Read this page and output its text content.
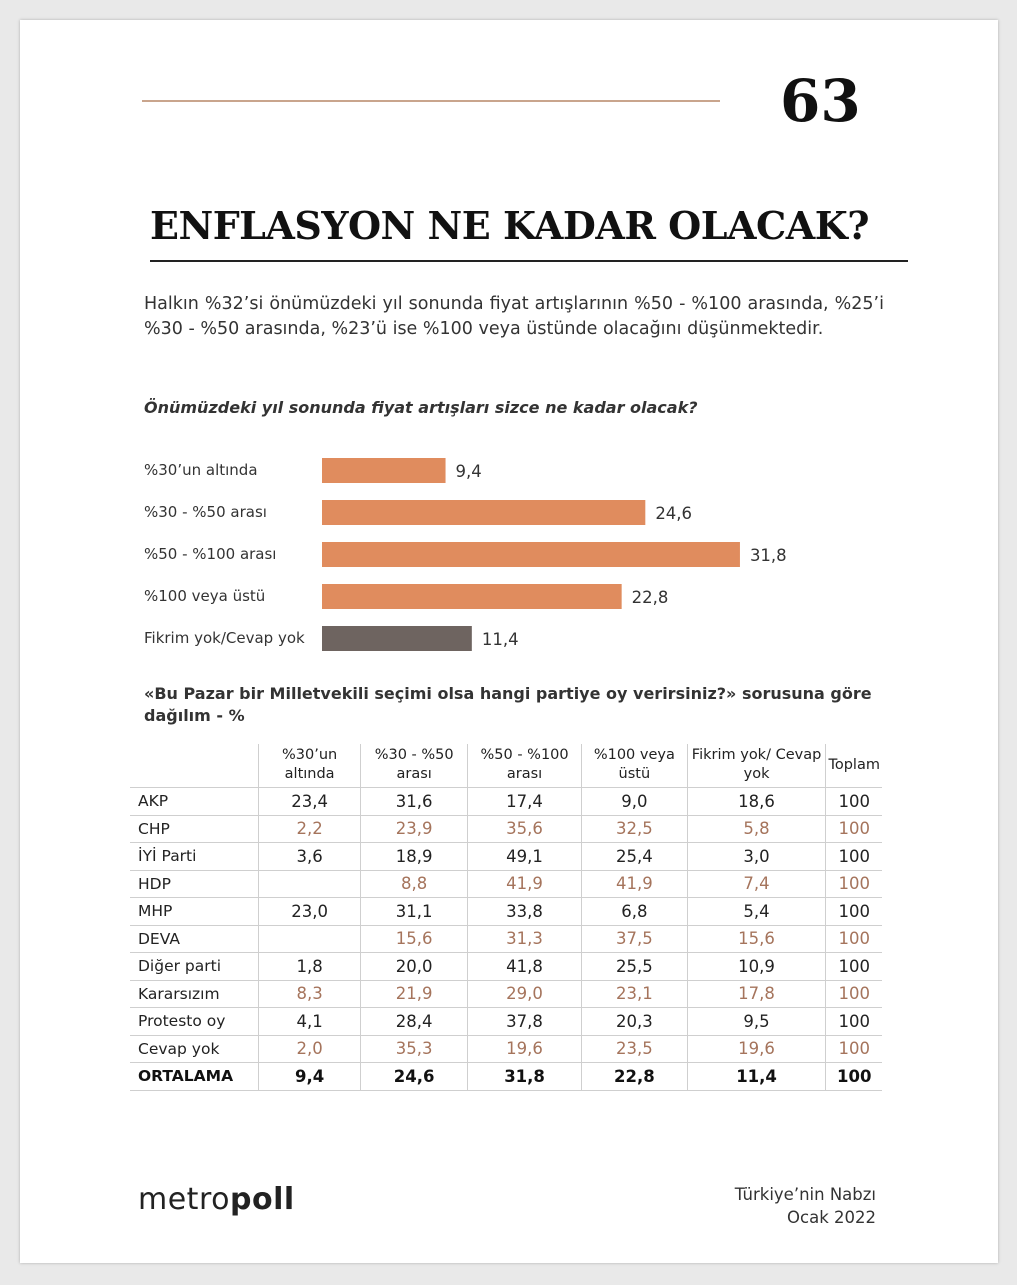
63
ENFLASYON NE KADAR OLACAK?
Halkın %32’si önümüzdeki yıl sonunda fiyat artışlarının %50 - %100 arasında, %25’i %30 - %50 arasında, %23’ü ise %100 veya üstünde olacağını düşünmektedir.
Önümüzdeki yıl sonunda fiyat artışları sizce ne kadar olacak?
%30’un altında	9,4
%30 - %50 arası	24,6
%50 - %100 arası	31,8
%100 veya üstü	22,8
Fikrim yok/Cevap yok	11,4
«Bu Pazar bir Milletvekili seçimi olsa hangi partiye oy verirsiniz?» sorusuna göre dağılım - %
	%30’un altında	%30 - %50 arası	%50 - %100 arası	%100 veya üstü	Fikrim yok/ Cevap yok	Toplam
AKP	23,4	31,6	17,4	9,0	18,6	100
CHP	2,2	23,9	35,6	32,5	5,8	100
İYİ Parti	3,6	18,9	49,1	25,4	3,0	100
HDP		8,8	41,9	41,9	7,4	100
MHP	23,0	31,1	33,8	6,8	5,4	100
DEVA		15,6	31,3	37,5	15,6	100
Diğer parti	1,8	20,0	41,8	25,5	10,9	100
Kararsızım	8,3	21,9	29,0	23,1	17,8	100
Protesto oy	4,1	28,4	37,8	20,3	9,5	100
Cevap yok	2,0	35,3	19,6	23,5	19,6	100
ORTALAMA	9,4	24,6	31,8	22,8	11,4	100
metropoll	Türkiye’nin Nabzı
Ocak 2022
